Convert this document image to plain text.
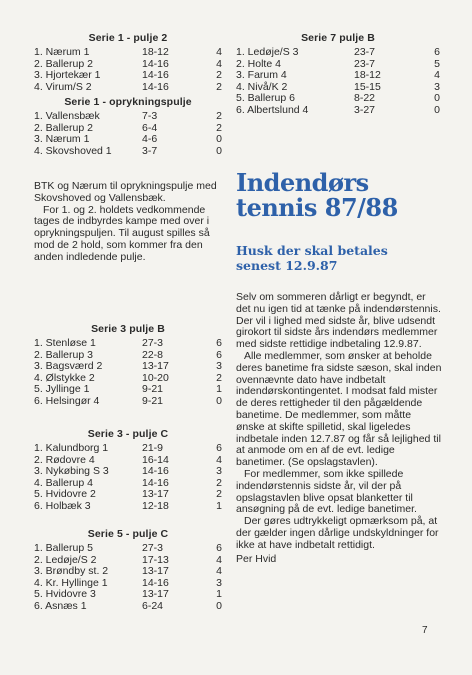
Serie 1 - pulje 2
1. Nærum 1	18-12	4
2. Ballerup 2	14-16	4
3. Hjortekær 1	14-16	2
4. Virum/S 2	14-16	2
Serie 1 - oprykningspulje
1. Vallensbæk	7-3	2
2. Ballerup 2	6-4	2
3. Nærum 1	4-6	0
4. Skovshoved 1	3-7	0

BTK og Nærum til oprykningspulje med Skovshoved og Vallensbæk.

For 1. og 2. holdets vedkommende tages de indbyrdes kampe med over i oprykningspuljen. Til august spilles så mod de 2 hold, som kommer fra den anden indledende pulje.

Serie 3 pulje B
1. Stenløse 1	27-3	6
2. Ballerup 3	22-8	6
3. Bagsværd 2	13-17	3
4. Ølstykke 2	10-20	2
5. Jyllinge 1	9-21	1
6. Helsingør 4	9-21	0
Serie 3 - pulje C
1. Kalundborg 1	21-9	6
2. Rødovre 4	16-14	4
3. Nykøbing S 3	14-16	3
4. Ballerup 4	14-16	2
5. Hvidovre 2	13-17	2
6. Holbæk 3	12-18	1
Serie 5 - pulje C
1. Ballerup 5	27-3	6
2. Ledøje/S 2	17-13	4
3. Brøndby st. 2	13-17	4
4. Kr. Hyllinge 1	14-16	3
5. Hvidovre 3	13-17	1
6. Asnæs 1	6-24	0
Serie 7 pulje B
1. Ledøje/S 3	23-7	6
2. Holte 4	23-7	5
3. Farum 4	18-12	4
4. Nivå/K 2	15-15	3
5. Ballerup 6	8-22	0
6. Albertslund 4	3-27	0
Indendørs
tennis 87/88
Husk der skal betales
senest 12.9.87

Selv om sommeren dårligt er begyndt, er det nu igen tid at tænke på indendørstennis. Der vil i lighed med sidste år, blive udsendt girokort til sidste års indendørs medlemmer med sidste rettidige indbetaling 12.9.87.

Alle medlemmer, som ønsker at beholde deres banetime fra sidste sæson, skal inden ovennævnte dato have indbetalt indendørskontingentet. I modsat fald mister de deres rettigheder til den pågældende banetime. De medlemmer, som måtte ønske at skifte spilletid, skal ligeledes indbetale inden 12.7.87 og får så lejlighed til at anmode om en af de evt. ledige banetimer. (Se opslagstavlen).

For medlemmer, som ikke spillede indendørstennis sidste år, vil der på opslagstavlen blive opsat blanketter til ansøgning på de evt. ledige banetimer.

Der gøres udtrykkeligt opmærksom på, at der gælder ingen dårlige undskyldninger for ikke at have indbetalt rettidigt.

Per Hvid

7
